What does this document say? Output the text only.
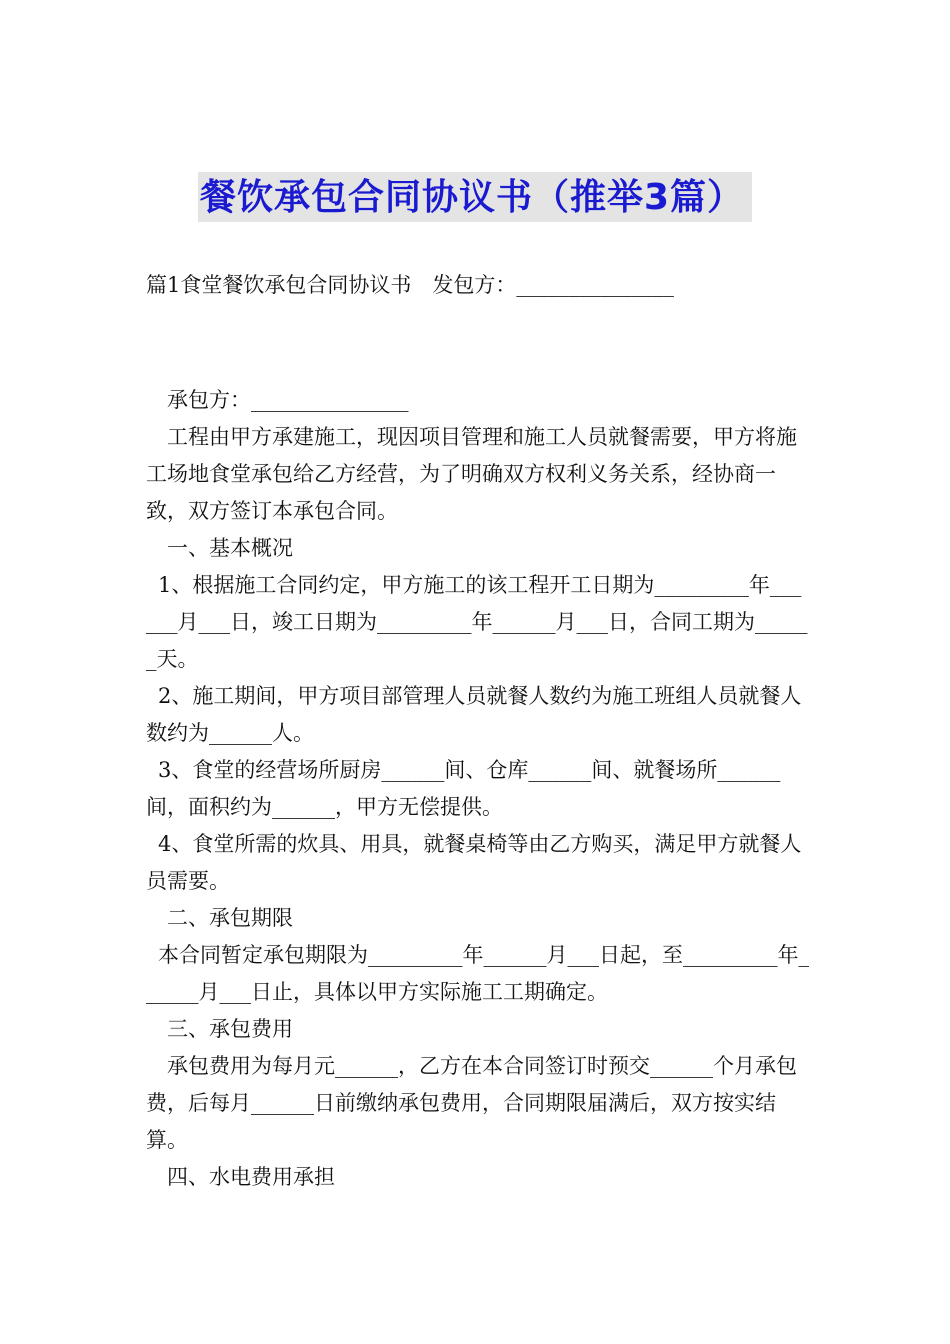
餐饮承包合同协议书（推举3篇）

篇1食堂餐饮承包合同协议书　发包方：_______________

承包方：_______________

工程由甲方承建施工，现因项目管理和施工人员就餐需要，甲方将施工场地食堂承包给乙方经营，为了明确双方权利义务关系，经协商一致，双方签订本承包合同。

一、基本概况

1、根据施工合同约定，甲方施工的该工程开工日期为_________年______月___日，竣工日期为_________年______月___日，合同工期为______天。

2、施工期间，甲方项目部管理人员就餐人数约为施工班组人员就餐人数约为______人。

3、食堂的经营场所厨房______间、仓库______间、就餐场所______间，面积约为______，甲方无偿提供。

4、食堂所需的炊具、用具，就餐桌椅等由乙方购买，满足甲方就餐人员需要。

二、承包期限

本合同暂定承包期限为_________年______月___日起，至_________年______月___日止，具体以甲方实际施工工期确定。

三、承包费用

承包费用为每月元______，乙方在本合同签订时预交______个月承包费，后每月______日前缴纳承包费用，合同期限届满后，双方按实结算。

四、水电费用承担
